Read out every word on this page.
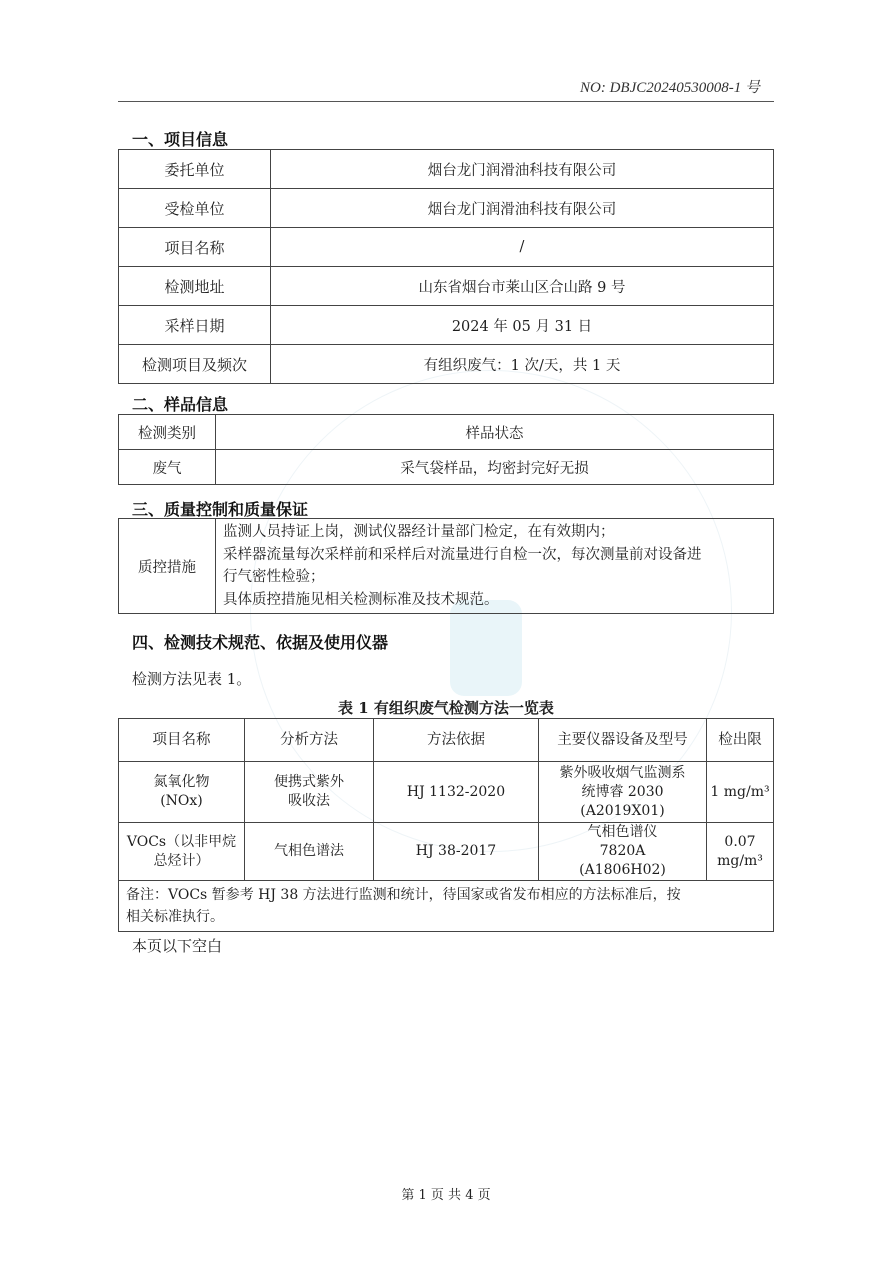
NO: DBJC20240530008-1 号
一、项目信息
委托单位	烟台龙门润滑油科技有限公司
受检单位	烟台龙门润滑油科技有限公司
项目名称	/
检测地址	山东省烟台市莱山区合山路 9 号
采样日期	2024 年 05 月 31 日
检测项目及频次	有组织废气：1 次/天，共 1 天
二、样品信息
检测类别	样品状态
废气	采气袋样品，均密封完好无损
三、质量控制和质量保证
质控措施	
监测人员持证上岗，测试仪器经计量部门检定，在有效期内；
采样器流量每次采样前和采样后对流量进行自检一次，每次测量前对设备进
行气密性检验；
具体质控措施见相关检测标准及技术规范。
四、检测技术规范、依据及使用仪器
检测方法见表 1。
表 1 有组织废气检测方法一览表
项目名称	分析方法	方法依据	主要仪器设备及型号	检出限

氮氧化物
(NOx)	便携式紫外
吸收法	HJ 1132-2020	紫外吸收烟气监测系
统博睿 2030
(A2019X01)	1 mg/m³

VOCs（以非甲烷
总烃计）	气相色谱法	HJ 38-2017	气相色谱仪
7820A
(A1806H02)	0.07
mg/m³

备注：VOCs 暂参考 HJ 38 方法进行监测和统计，待国家或省发布相应的方法标准后，按
相关标准执行。				
本页以下空白
第 1 页 共 4 页
